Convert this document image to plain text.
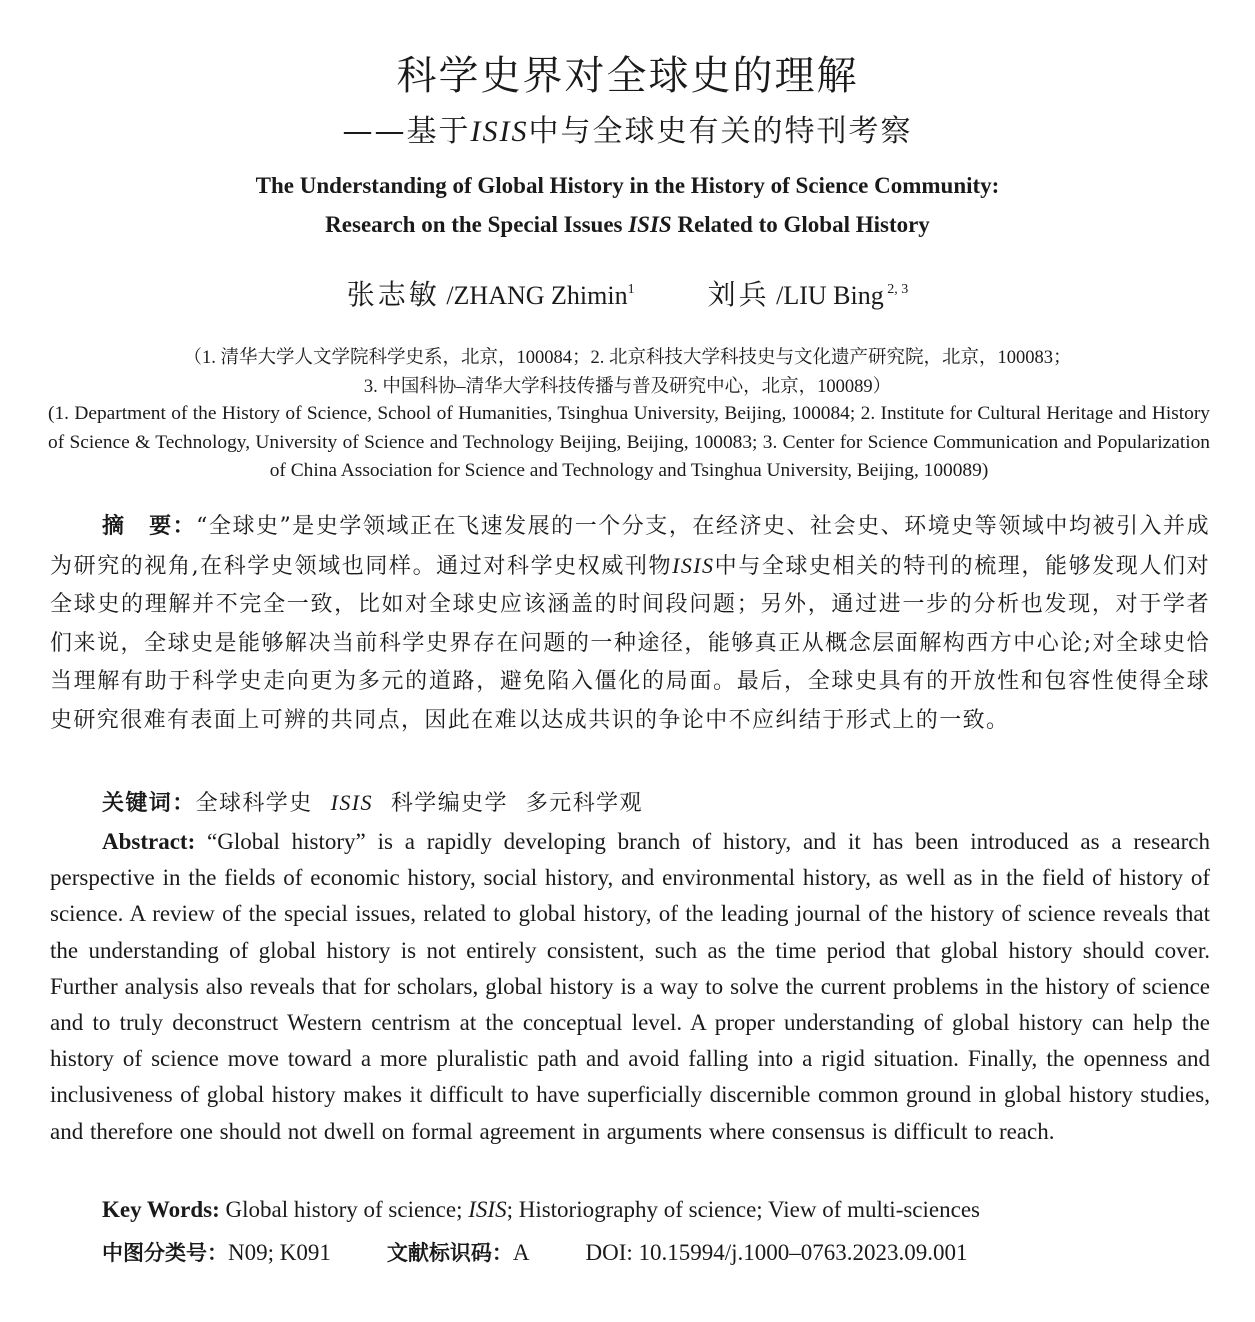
科学史界对全球史的理解
——基于ISIS中与全球史有关的特刊考察
The Understanding of Global History in the History of Science Community:
Research on the Special Issues ISIS Related to Global History
张志敏 /ZHANG Zhimin$^1$	刘兵 /LIU Bing $^{2, 3}$
（1. 清华大学人文学院科学史系，北京，100084；2. 北京科技大学科技史与文化遗产研究院，北京，100083；
3. 中国科协–清华大学科技传播与普及研究中心，北京，100089）
(1. Department of the History of Science, School of Humanities, Tsinghua University, Beijing, 100084; 2. Institute for Cultural Heritage and History of Science & Technology, University of Science and Technology Beijing, Beijing, 100083; 3. Center for Science Communication and Popularization of China Association for Science and Technology and Tsinghua University, Beijing, 100089)
摘　要：“全球史”是史学领域正在飞速发展的一个分支，在经济史、社会史、环境史等领域中均被引入并成为研究的视角,在科学史领域也同样。通过对科学史权威刊物ISIS中与全球史相关的特刊的梳理，能够发现人们对全球史的理解并不完全一致，比如对全球史应该涵盖的时间段问题；另外，通过进一步的分析也发现，对于学者们来说，全球史是能够解决当前科学史界存在问题的一种途径，能够真正从概念层面解构西方中心论;对全球史恰当理解有助于科学史走向更为多元的道路，避免陷入僵化的局面。最后，全球史具有的开放性和包容性使得全球史研究很难有表面上可辨的共同点，因此在难以达成共识的争论中不应纠结于形式上的一致。
关键词：全球科学史 ISIS 科学编史学 多元科学观
Abstract: “Global history” is a rapidly developing branch of history, and it has been introduced as a research perspective in the fields of economic history, social history, and environmental history, as well as in the field of history of science. A review of the special issues, related to global history, of the leading journal of the history of science reveals that the understanding of global history is not entirely consistent, such as the time period that global history should cover. Further analysis also reveals that for scholars, global history is a way to solve the current problems in the history of science and to truly deconstruct Western centrism at the conceptual level. A proper understanding of global history can help the history of science move toward a more pluralistic path and avoid falling into a rigid situation. Finally, the openness and inclusiveness of global history makes it difficult to have superficially discernible common ground in global history studies, and therefore one should not dwell on formal agreement in arguments where consensus is difficult to reach.
Key Words: Global history of science; ISIS; Historiography of science; View of multi-sciences
中图分类号：N09; K091	文献标识码：A DOI: 10.15994/j.1000–0763.2023.09.001
